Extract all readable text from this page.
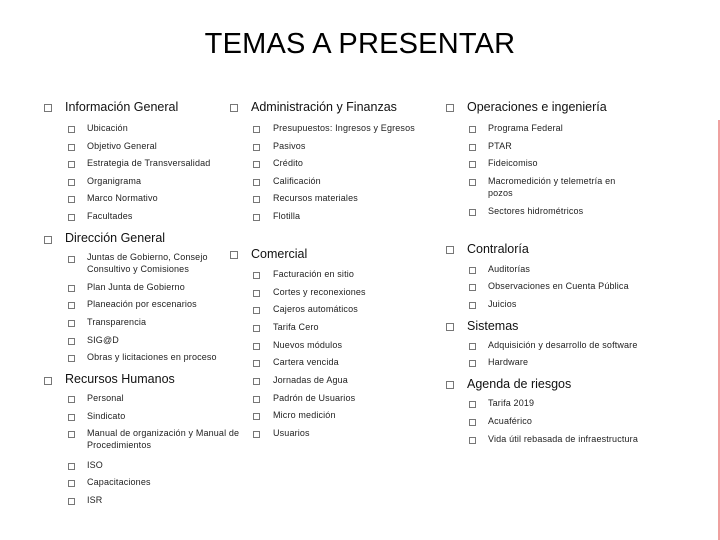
TEMAS A PRESENTAR
Información General
Ubicación
Objetivo General
Estrategia de Transversalidad
Organigrama
Marco Normativo
Facultades
Dirección General
Juntas de Gobierno, Consejo Consultivo y Comisiones
Plan Junta de Gobierno
Planeación por escenarios
Transparencia
SIG@D
Obras y licitaciones en proceso
Recursos Humanos
Personal
Sindicato
Manual de organización y Manual de Procedimientos
ISO
Capacitaciones
ISR
Administración y Finanzas
Presupuestos: Ingresos y Egresos
Pasivos
Crédito
Calificación
Recursos materiales
Flotilla
Comercial
Facturación en sitio
Cortes y reconexiones
Cajeros automáticos
Tarifa Cero
Nuevos módulos
Cartera vencida
Jornadas de Agua
Padrón de Usuarios
Micro medición
Usuarios
Operaciones e ingeniería
Programa Federal
PTAR
Fideicomiso
Macromedición y telemetría en pozos
Sectores hidrométricos
Contraloría
Auditorías
Observaciones en Cuenta Pública
Juicios
Sistemas
Adquisición y desarrollo de software
Hardware
Agenda de riesgos
Tarifa 2019
Acuaférico
Vida útil rebasada de infraestructura
